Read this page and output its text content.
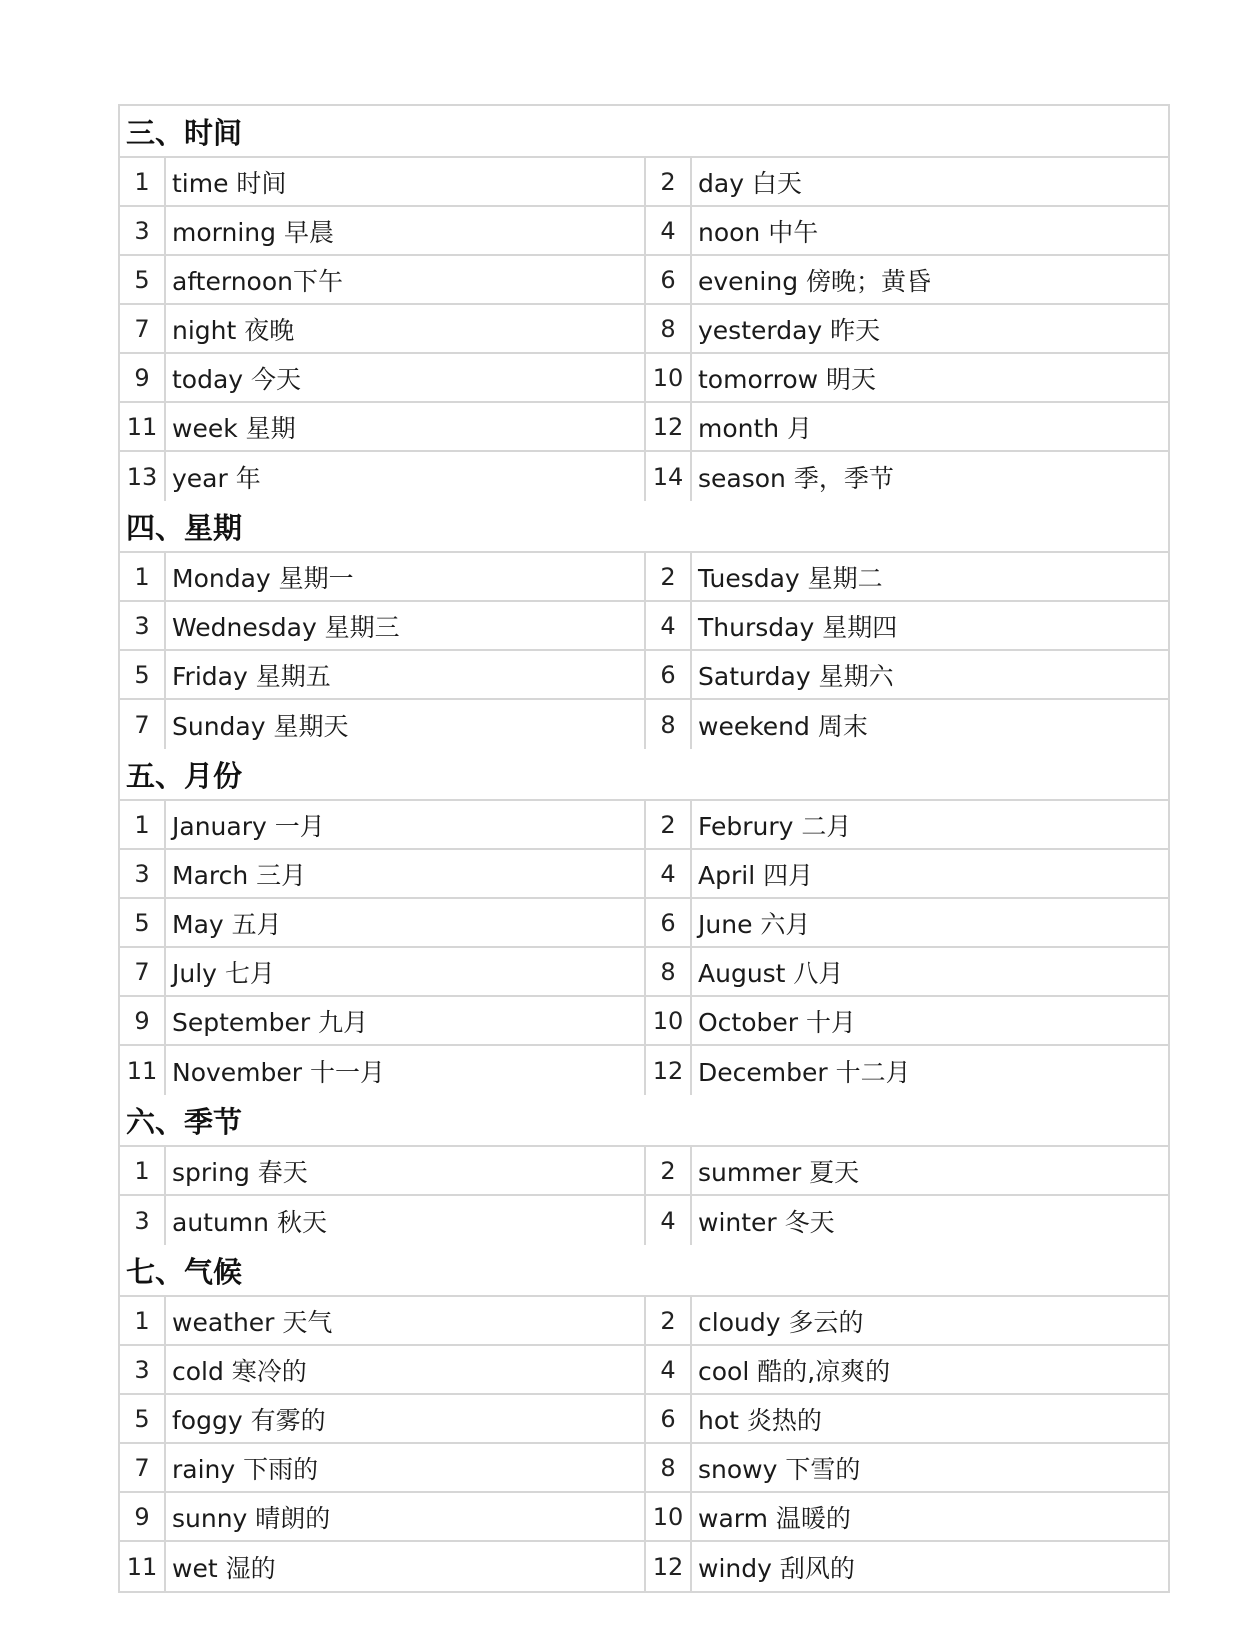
三、时间
1 time 时间	2 day 白天
3 morning 早晨	4 noon 中午
5 afternoon下午	6 evening 傍晚；黄昏
7 night 夜晚	8 yesterday 昨天
9 today 今天	10 tomorrow 明天
11 week 星期	12 month 月
13 year 年	14 season 季，季节
四、星期
1 Monday 星期一	2 Tuesday 星期二
3 Wednesday 星期三	4 Thursday 星期四
5 Friday 星期五	6 Saturday 星期六
7 Sunday 星期天	8 weekend 周末
五、月份
1 January 一月	2 Februry 二月
3 March 三月	4 April 四月
5 May 五月	6 June 六月
7 July 七月	8 August 八月
9 September 九月	10 October 十月
11 November 十一月	12 December 十二月
六、季节
1 spring 春天	2 summer 夏天
3 autumn 秋天	4 winter 冬天
七、气候
1 weather 天气	2 cloudy 多云的
3 cold 寒冷的	4 cool 酷的,凉爽的
5 foggy 有雾的	6 hot 炎热的
7 rainy 下雨的	8 snowy 下雪的
9 sunny 晴朗的	10 warm 温暖的
11 wet 湿的	12 windy 刮风的
